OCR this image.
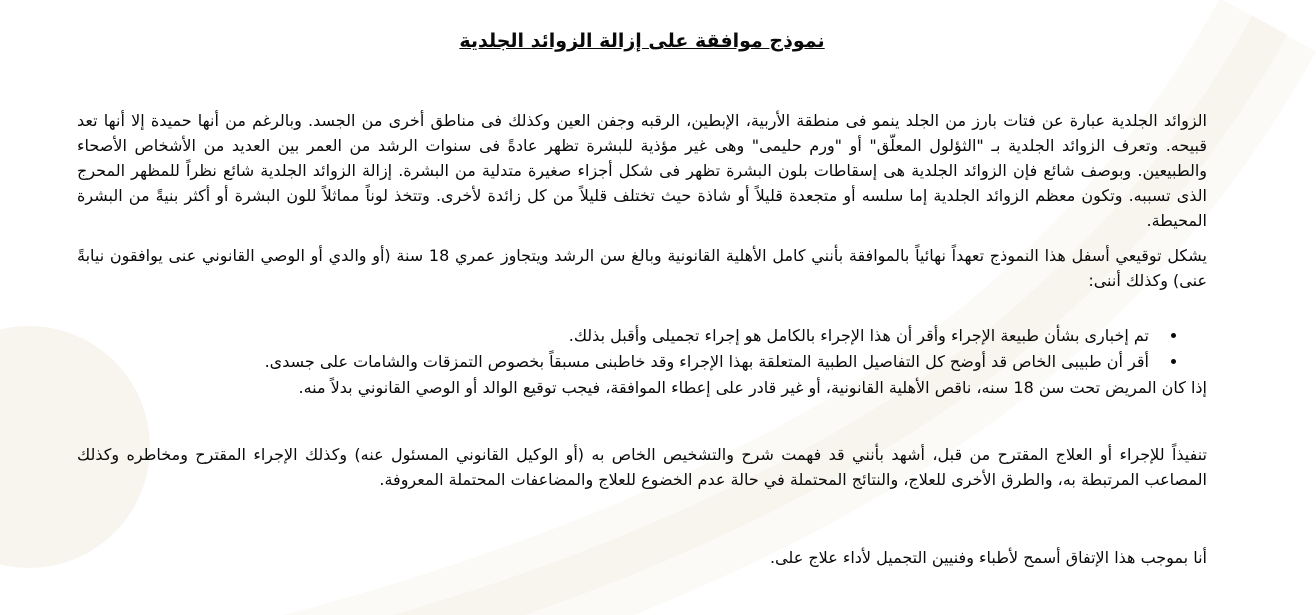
نموذج موافقة على إزالة الزوائد الجلدية

الزوائد الجلدية عبارة عن فتات بارز من الجلد ينمو فى منطقة الأربية، الإبطين، الرقبه وجفن العين وكذلك فى مناطق أخرى من الجسد. وبالرغم من أنها حميدة إلا أنها تعد قبيحه. وتعرف الزوائد الجلدية بـ "الثؤلول المعلّق" أو "ورم حليمى" وهى غير مؤذية للبشرة تظهر عادةً فى سنوات الرشد من العمر بين العديد من الأشخاص الأصحاء والطبيعين. وبوصف شائع فإن الزوائد الجلدية هى إسقاطات بلون البشرة تظهر فى شكل أجزاء صغيرة متدلية من البشرة. إزالة الزوائد الجلدية شائع نظراً للمظهر المحرج الذى تسببه. وتكون معظم الزوائد الجلدية إما سلسه أو متجعدة قليلاً أو شاذة حيث تختلف قليلاً من كل زائدة لأخرى. وتتخذ لوناً مماثلاً للون البشرة أو أكثر بنيةً من البشرة المحيطة.

يشكل توقيعي أسفل هذا النموذج تعهداً نهائياً بالموافقة بأنني كامل الأهلية القانونية وبالغ سن الرشد ويتجاوز عمري 18 سنة (أو والدي أو الوصي القانوني عنى يوافقون نيابةً عنى) وكذلك أننى:

• تم إخبارى بشأن طبيعة الإجراء وأقر أن هذا الإجراء بالكامل هو إجراء تجميلى وأقبل بذلك.
• أقر أن طبيبى الخاص قد أوضح كل التفاصيل الطبية المتعلقة بهذا الإجراء وقد خاطبنى مسبقاً بخصوص التمزقات والشامات على جسدى.

إذا كان المريض تحت سن 18 سنه، ناقص الأهلية القانونية، أو غير قادر على إعطاء الموافقة، فيجب توقيع الوالد أو الوصي القانوني بدلاً منه.

تنفيذاً للإجراء أو العلاج المقترح من قبل، أشهد بأنني قد فهمت شرح والتشخيص الخاص به (أو الوكيل القانوني المسئول عنه) وكذلك الإجراء المقترح ومخاطره وكذلك المصاعب المرتبطة به، والطرق الأخرى للعلاج، والنتائج المحتملة في حالة عدم الخضوع للعلاج والمضاعفات المحتملة المعروفة.

أنا بموجب هذا الإتفاق أسمح لأطباء وفنيين التجميل لأداء علاج على.
